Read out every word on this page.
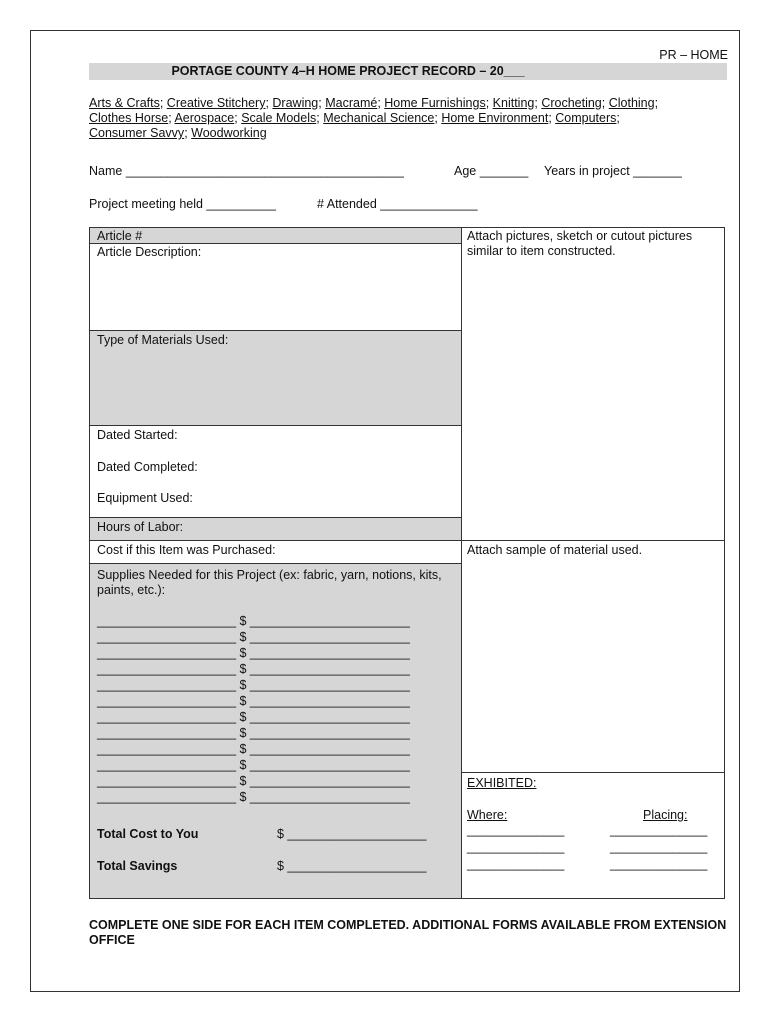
PR – HOME
PORTAGE COUNTY 4–H HOME PROJECT RECORD – 20___
Arts & Crafts; Creative Stitchery; Drawing; Macramé; Home Furnishings; Knitting; Crocheting; Clothing;
Clothes Horse; Aerospace; Scale Models; Mechanical Science; Home Environment; Computers;
Consumer Savvy; Woodworking
Name ________________________________________	Age _______ Years in project _______
Project meeting held __________	# Attended ______________
Article #
Article Description:
Type of Materials Used:
Dated Started:
Dated Completed:
Equipment Used:
Hours of Labor:
Cost if this Item was Purchased:
Supplies Needed for this Project (ex: fabric, yarn, notions, kits, paints, etc.):
____________________ $ _______________________
____________________ $ _______________________
____________________ $ _______________________
____________________ $ _______________________
____________________ $ _______________________
____________________ $ _______________________
____________________ $ _______________________
____________________ $ _______________________
____________________ $ _______________________
____________________ $ _______________________
____________________ $ _______________________
____________________ $ _______________________
Total Cost to You	$ ____________________
Total Savings	$ ____________________
Attach pictures, sketch or cutout pictures similar to item constructed.
Attach sample of material used.
EXHIBITED:
Where:	Placing:
______________	______________
______________	______________
______________	______________
COMPLETE ONE SIDE FOR EACH ITEM COMPLETED. ADDITIONAL FORMS AVAILABLE FROM EXTENSION OFFICE
